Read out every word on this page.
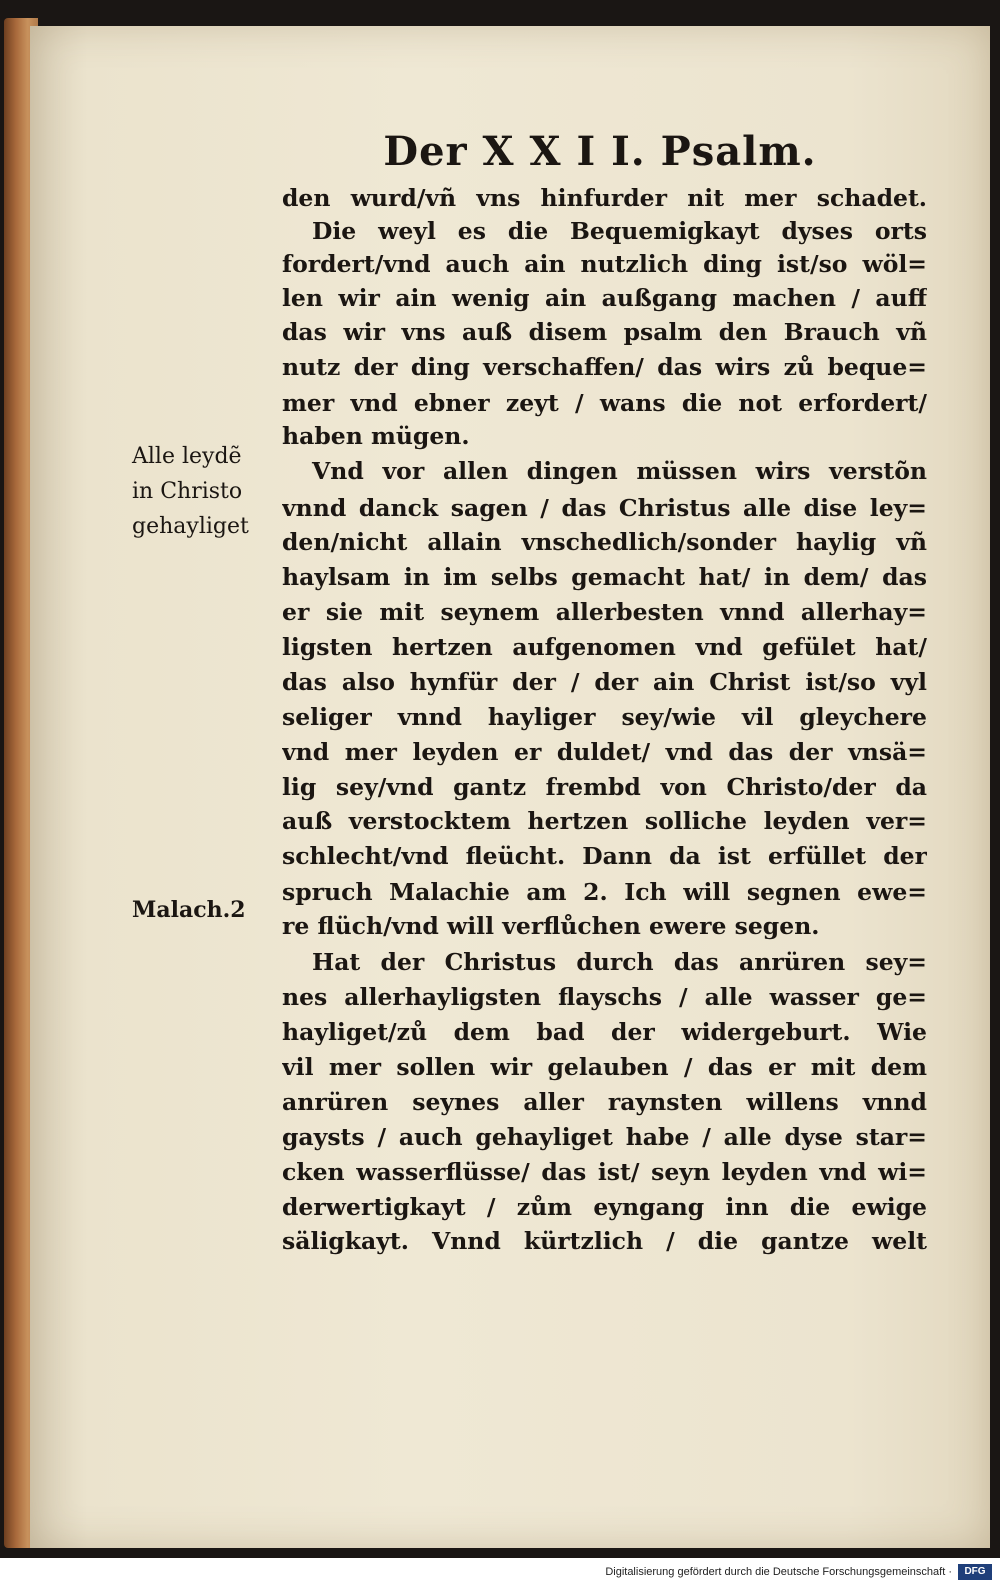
Der X X I I. Psalm.
den wurd/vñ vns hinfurder nit mer schadet.
Die weyl es die Bequemigkayt dyses orts
fordert/vnd auch ain nutzlich ding ist/so wöl=
len wir ain wenig ain außgang machen / auff
das wir vns auß disem psalm den Brauch vñ
nutz der ding verschaffen/ das wirs zů beque=
mer vnd ebner zeyt / wans die not erfordert/
haben mügen.
Vnd vor allen dingen müssen wirs verstõn
vnnd danck sagen / das Christus alle dise ley=
den/nicht allain vnschedlich/sonder haylig vñ
haylsam in im selbs gemacht hat/ in dem/ das
er sie mit seynem allerbesten vnnd allerhay=
ligsten hertzen aufgenomen vnd gefület hat/
das also hynfür der / der ain Christ ist/so vyl
seliger vnnd hayliger sey/wie vil gleychere
vnd mer leyden er duldet/ vnd das der vnsä=
lig sey/vnd gantz frembd von Christo/der da
auß verstocktem hertzen solliche leyden ver=
schlecht/vnd fleücht. Dann da ist erfüllet der
spruch Malachie am 2. Ich will segnen ewe=
re flüch/vnd will verflůchen ewere segen.
Hat der Christus durch das anrüren sey=
nes allerhayligsten flayschs / alle wasser ge=
hayliget/zů dem bad der widergeburt. Wie
vil mer sollen wir gelauben / das er mit dem
anrüren seynes aller raynsten willens vnnd
gaysts / auch gehayliget habe / alle dyse star=
cken wasserflüsse/ das ist/ seyn leyden vnd wi=
derwertigkayt / zům eyngang inn die ewige
säligkayt. Vnnd kürtzlich / die gantze welt
Alle leydẽ
in Christo
gehayliget
Malach.2
Digitalisierung gefördert durch die Deutsche Forschungsgemeinschaft ·	DFG
